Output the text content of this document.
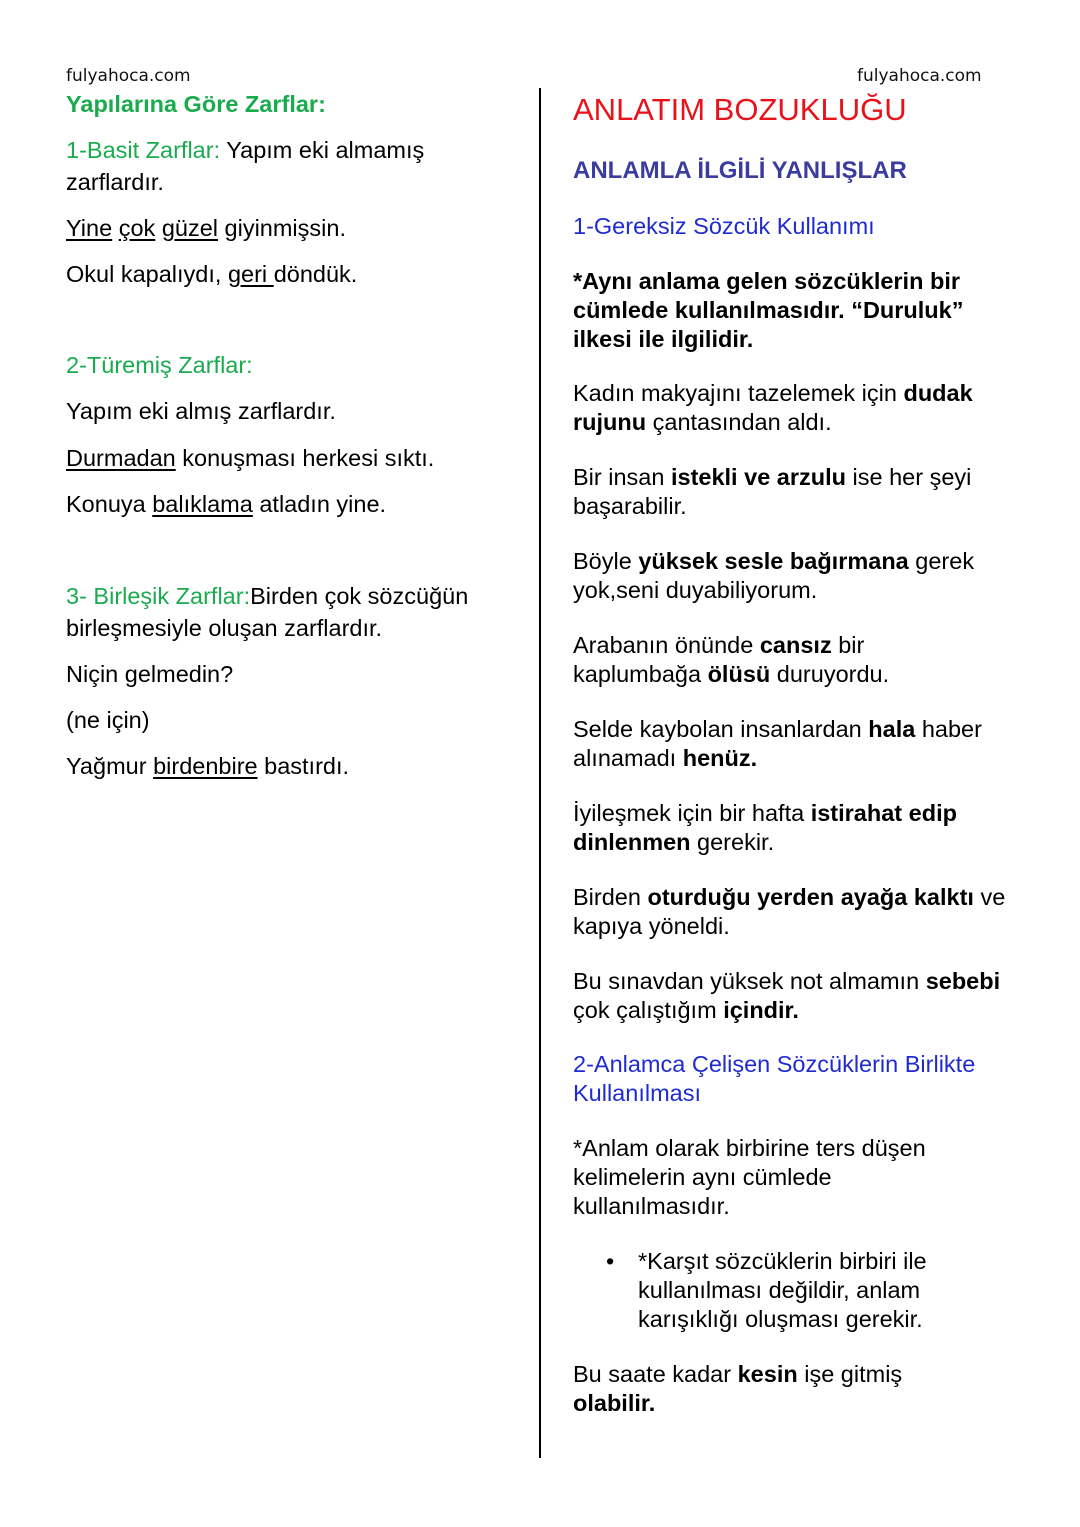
fulyahoca.com	fulyahoca.com
Yapılarına Göre Zarflar:

1-Basit Zarflar: Yapım eki almamış zarflardır.

Yine çok güzel giyinmişsin.

Okul kapalıydı, geri döndük.

2-Türemiş Zarflar:
Yapım eki almış zarflardır.

Durmadan konuşması herkesi sıktı.

Konuya balıklama atladın yine.

3- Birleşik Zarflar:Birden çok sözcüğün birleşmesiyle oluşan zarflardır.

Niçin gelmedin?
(ne için)

Yağmur birdenbire bastırdı.

ANLATIM BOZUKLUĞU
ANLAMLA İLGİLİ YANLIŞLAR
1-Gereksiz Sözcük Kullanımı

*Aynı anlama gelen sözcüklerin bir cümlede kullanılmasıdır. “Duruluk” ilkesi ile ilgilidir.

Kadın makyajını tazelemek için dudak rujunu çantasından aldı.

Bir insan istekli ve arzulu ise her şeyi başarabilir.

Böyle yüksek sesle bağırmana gerek yok,seni duyabiliyorum.

Arabanın önünde cansız bir kaplumbağa ölüsü duruyordu.

Selde kaybolan insanlardan hala haber alınamadı henüz.

İyileşmek için bir hafta istirahat edip dinlenmen gerekir.

Birden oturduğu yerden ayağa kalktı ve kapıya yöneldi.

Bu sınavdan yüksek not almamın sebebi çok çalıştığım içindir.

2-Anlamca Çelişen Sözcüklerin Birlikte Kullanılması

*Anlam olarak birbirine ters düşen kelimelerin aynı cümlede kullanılmasıdır.

• *Karşıt sözcüklerin birbiri ile kullanılması değildir, anlam karışıklığı oluşması gerekir.

Bu saate kadar kesin işe gitmiş olabilir.
